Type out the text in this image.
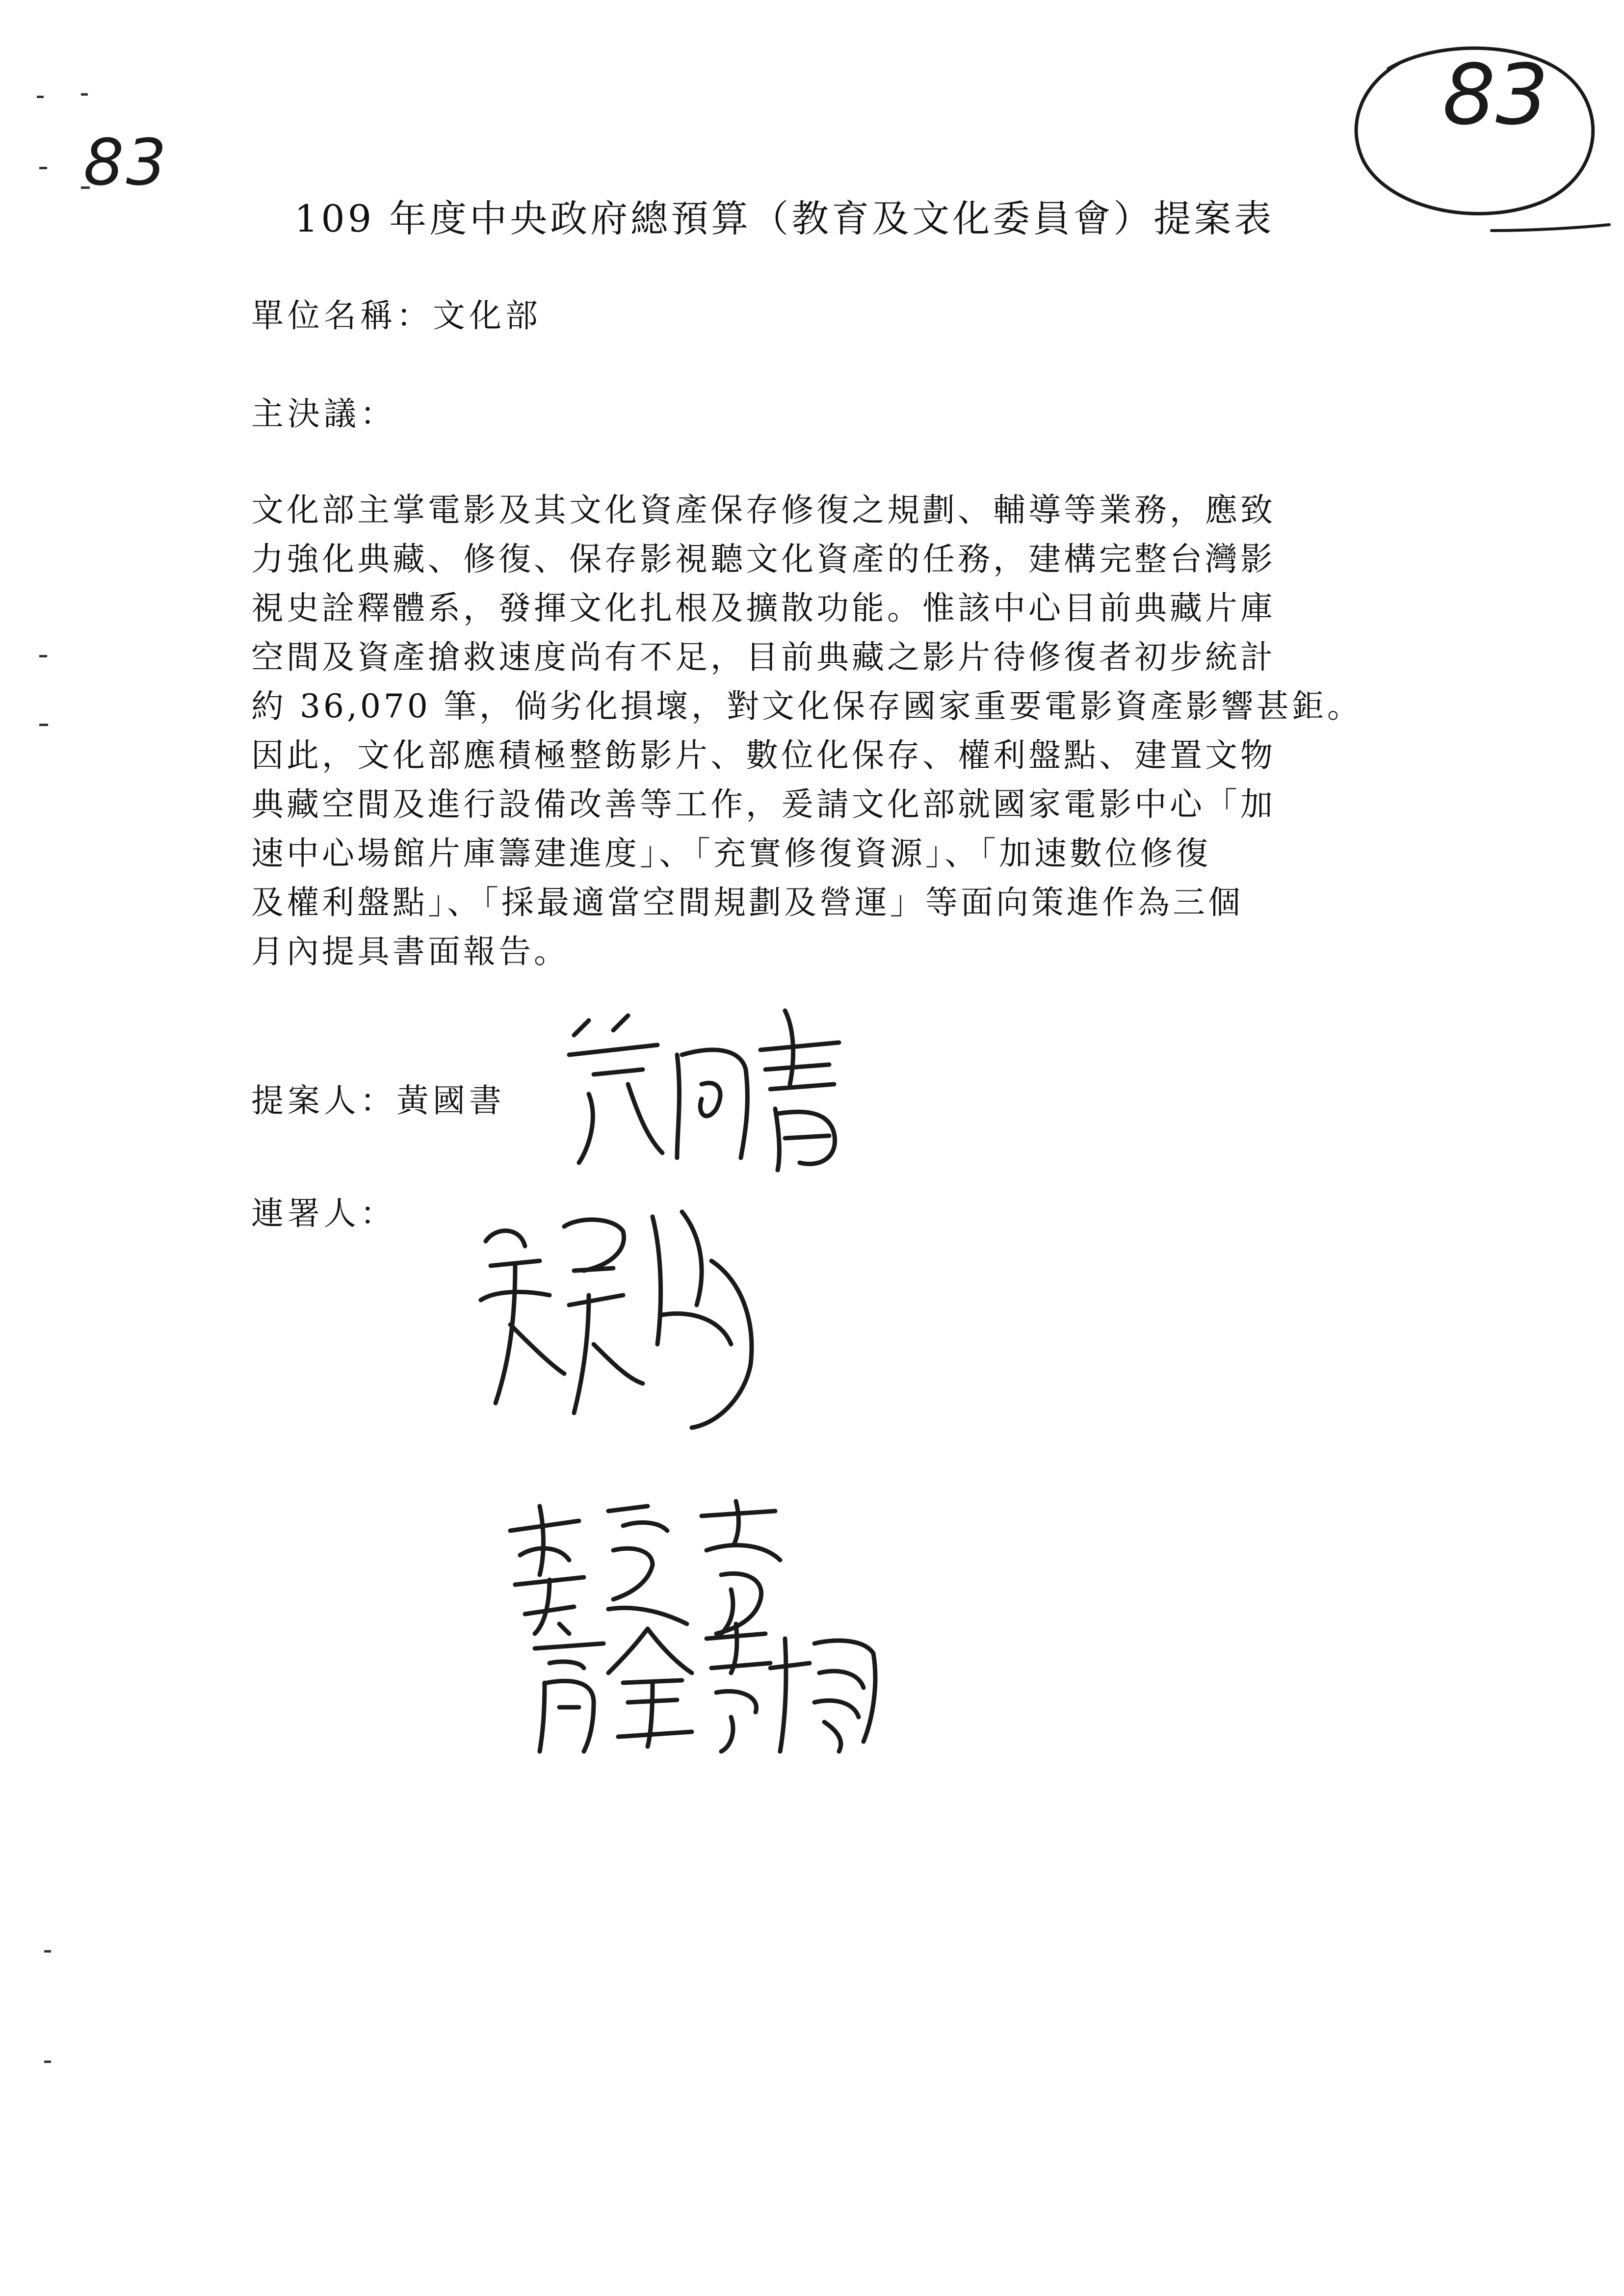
83
83
109 年度中央政府總預算（教育及文化委員會）提案表
單位名稱：文化部
主決議：
文化部主掌電影及其文化資產保存修復之規劃、輔導等業務，應致
力強化典藏、修復、保存影視聽文化資產的任務，建構完整台灣影
視史詮釋體系，發揮文化扎根及擴散功能。惟該中心目前典藏片庫
空間及資產搶救速度尚有不足，目前典藏之影片待修復者初步統計
約 36,070 筆，倘劣化損壞，對文化保存國家重要電影資產影響甚鉅。
因此，文化部應積極整飭影片、數位化保存、權利盤點、建置文物
典藏空間及進行設備改善等工作，爰請文化部就國家電影中心「加
速中心場館片庫籌建進度」、「充實修復資源」、「加速數位修復
及權利盤點」、「採最適當空間規劃及營運」等面向策進作為三個
月內提具書面報告。
提案人：黃國書
連署人：
